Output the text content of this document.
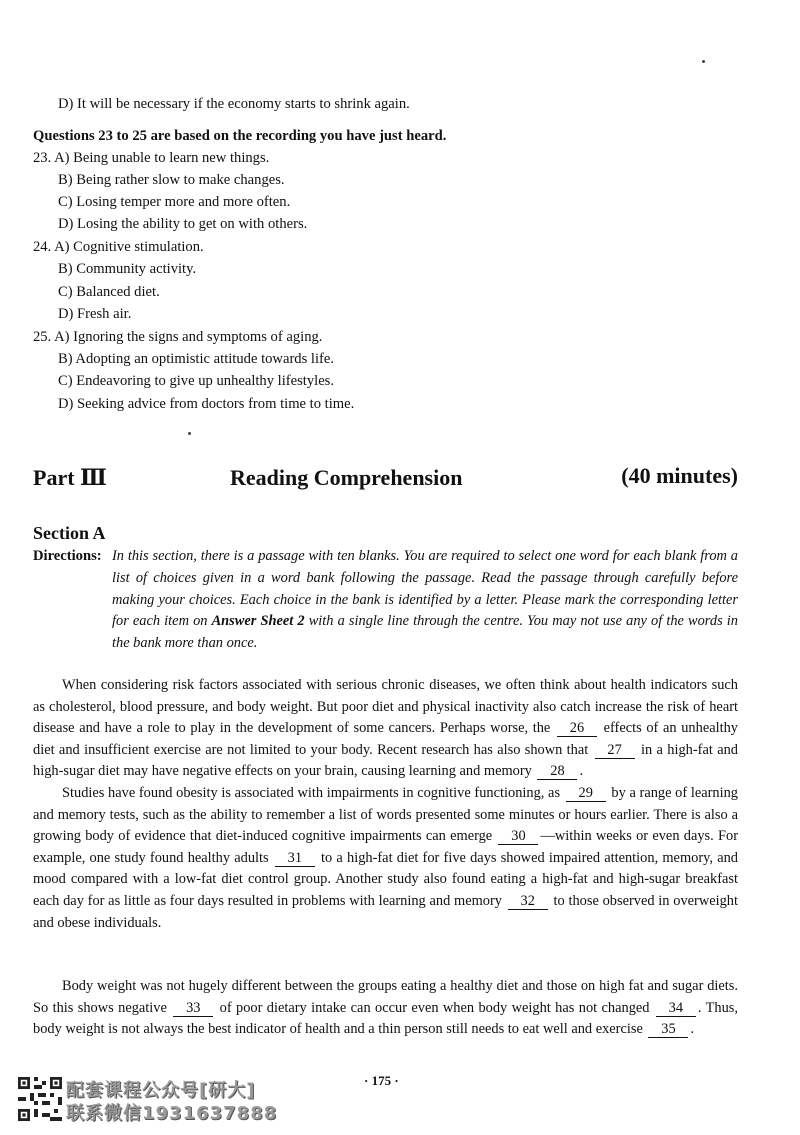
D) It will be necessary if the economy starts to shrink again.
Questions 23 to 25 are based on the recording you have just heard.
23. A) Being unable to learn new things.
B) Being rather slow to make changes.
C) Losing temper more and more often.
D) Losing the ability to get on with others.
24. A) Cognitive stimulation.
B) Community activity.
C) Balanced diet.
D) Fresh air.
25. A) Ignoring the signs and symptoms of aging.
B) Adopting an optimistic attitude towards life.
C) Endeavoring to give up unhealthy lifestyles.
D) Seeking advice from doctors from time to time.
Part Ⅲ	Reading Comprehension	(40 minutes)
Section A
Directions: In this section, there is a passage with ten blanks. You are required to select one word for each blank from a list of choices given in a word bank following the passage. Read the passage through carefully before making your choices. Each choice in the bank is identified by a letter. Please mark the corresponding letter for each item on Answer Sheet 2 with a single line through the centre. You may not use any of the words in the bank more than once.
When considering risk factors associated with serious chronic diseases, we often think about health indicators such as cholesterol, blood pressure, and body weight. But poor diet and physical inactivity also catch increase the risk of heart disease and have a role to play in the development of some cancers. Perhaps worse, the 26 effects of an unhealthy diet and insufficient exercise are not limited to your body. Recent research has also shown that 27 in a high-fat and high-sugar diet may have negative effects on your brain, causing learning and memory 28 .
Studies have found obesity is associated with impairments in cognitive functioning, as 29 by a range of learning and memory tests, such as the ability to remember a list of words presented some minutes or hours earlier. There is also a growing body of evidence that diet-induced cognitive impairments can emerge 30 —within weeks or even days. For example, one study found healthy adults 31 to a high-fat diet for five days showed impaired attention, memory, and mood compared with a low-fat diet control group. Another study also found eating a high-fat and high-sugar breakfast each day for as little as four days resulted in problems with learning and memory 32 to those observed in overweight and obese individuals.
Body weight was not hugely different between the groups eating a healthy diet and those on high fat and sugar diets. So this shows negative 33 of poor dietary intake can occur even when body weight has not changed 34 . Thus, body weight is not always the best indicator of health and a thin person still needs to eat well and exercise 35 .
· 175 ·
配套课程公众号[研大]
联系微信1931637888
